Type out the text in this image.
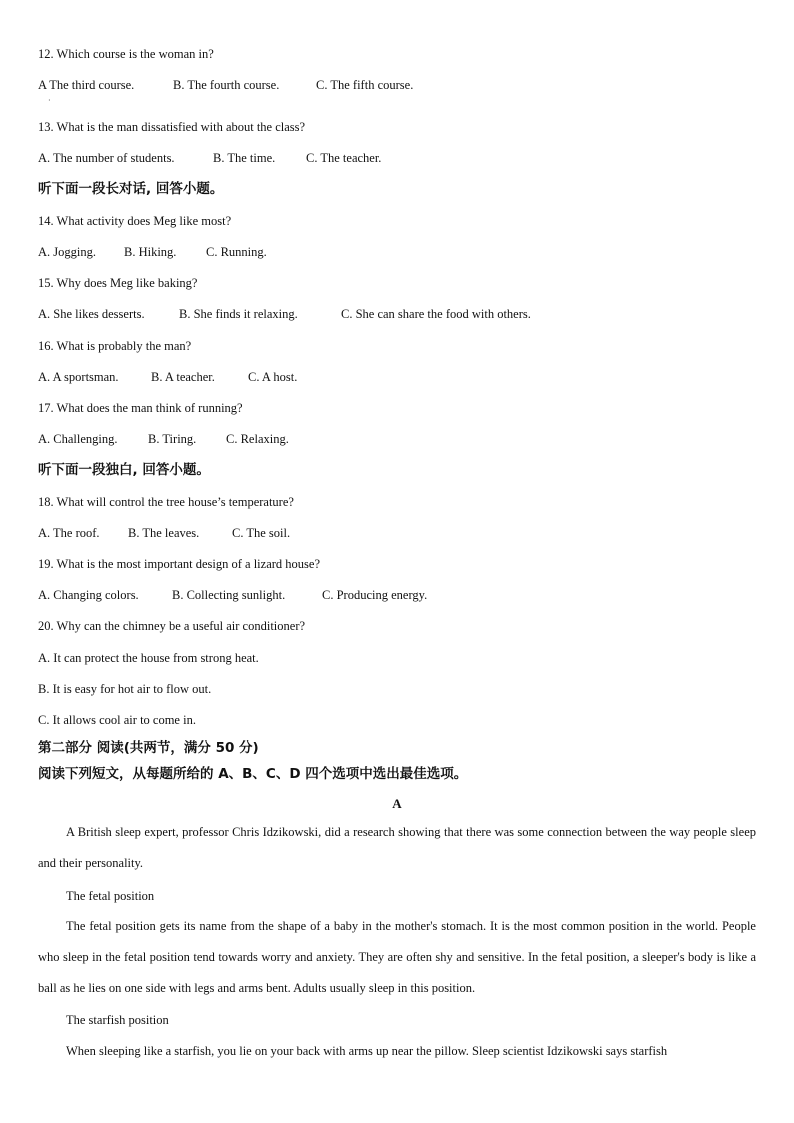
·
12. Which course is the woman in?
A The third course.	B. The fourth course.	C. The fifth course.
13. What is the man dissatisfied with about the class?
A. The number of students.	B. The time. C. The teacher.
听下面一段长对话, 回答小题。
14. What activity does Meg like most?
A. Jogging. B. Hiking. C. Running.
15. Why does Meg like baking?
A. She likes desserts.	B. She finds it relaxing.	C. She can share the food with others.
16. What is probably the man?
A. A sportsman.	B. A teacher.	C. A host.
17. What does the man think of running?
A. Challenging. B. Tiring. C. Relaxing.
听下面一段独白, 回答小题。
18. What will control the tree house’s temperature?
A. The roof. B. The leaves.	C. The soil.
19. What is the most important design of a lizard house?
A. Changing colors.	B. Collecting sunlight.	C. Producing energy.
20. Why can the chimney be a useful air conditioner?
A. It can protect the house from strong heat.
B. It is easy for hot air to flow out.
C. It allows cool air to come in.
第二部分 阅读(共两节，满分 50 分)
阅读下列短文，从每题所给的 A、B、C、D 四个选项中选出最佳选项。
A
A British sleep expert, professor Chris Idzikowski, did a research showing that there was some connection between the way people sleep and their personality.
The fetal position
The fetal position gets its name from the shape of a baby in the mother's stomach. It is the most common position in the world. People who sleep in the fetal position tend towards worry and anxiety. They are often shy and sensitive. In the fetal position, a sleeper's body is like a ball as he lies on one side with legs and arms bent. Adults usually sleep in this position.
The starfish position
When sleeping like a starfish, you lie on your back with arms up near the pillow. Sleep scientist Idzikowski says starfish
